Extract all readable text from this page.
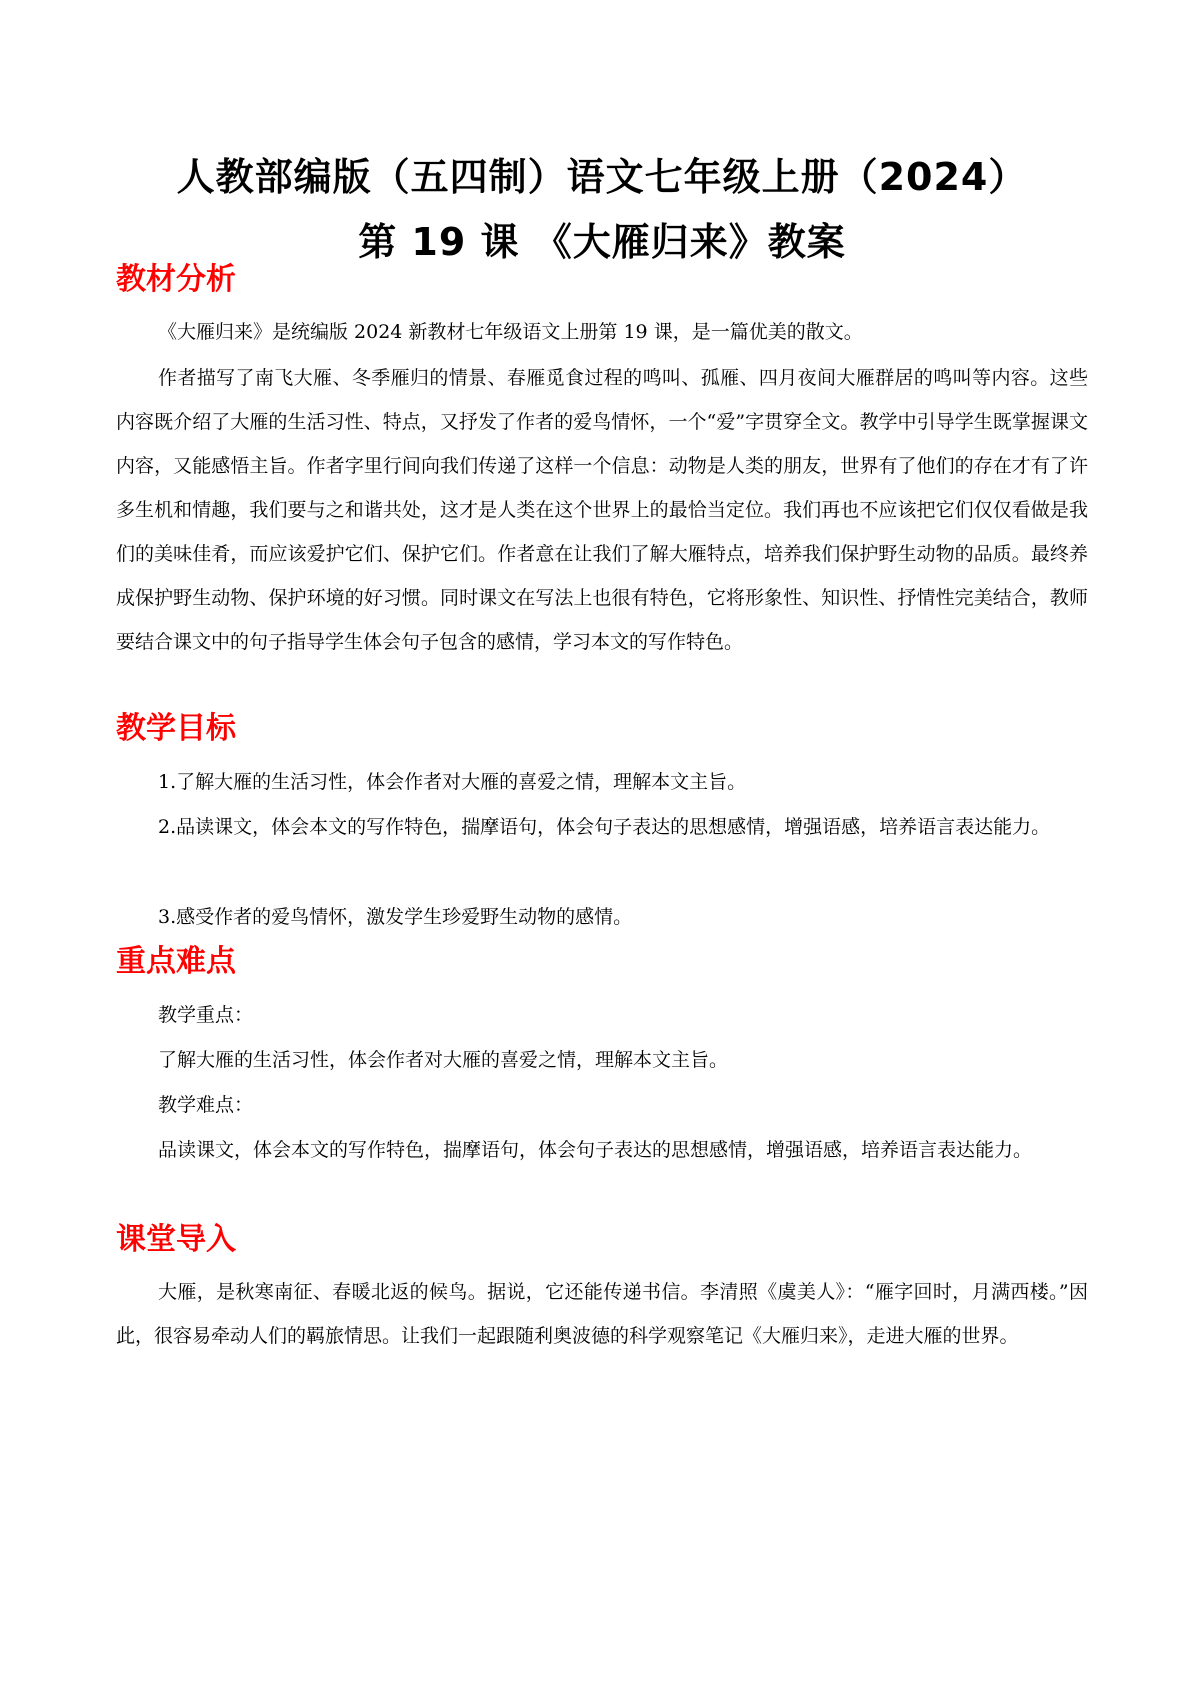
人教部编版（五四制）语文七年级上册（2024）
第 19 课 《大雁归来》教案
教材分析

《大雁归来》是统编版 2024 新教材七年级语文上册第 19 课，是一篇优美的散文。

作者描写了南飞大雁、冬季雁归的情景、春雁觅食过程的鸣叫、孤雁、四月夜间大雁群居的鸣叫等内容。这些内容既介绍了大雁的生活习性、特点，又抒发了作者的爱鸟情怀，一个“爱”字贯穿全文。教学中引导学生既掌握课文内容，又能感悟主旨。作者字里行间向我们传递了这样一个信息：动物是人类的朋友，世界有了他们的存在才有了许多生机和情趣，我们要与之和谐共处，这才是人类在这个世界上的最恰当定位。我们再也不应该把它们仅仅看做是我们的美味佳肴，而应该爱护它们、保护它们。作者意在让我们了解大雁特点，培养我们保护野生动物的品质。最终养成保护野生动物、保护环境的好习惯。同时课文在写法上也很有特色，它将形象性、知识性、抒情性完美结合，教师要结合课文中的句子指导学生体会句子包含的感情，学习本文的写作特色。

教学目标

1.了解大雁的生活习性，体会作者对大雁的喜爱之情，理解本文主旨。

2.品读课文，体会本文的写作特色，揣摩语句，体会句子表达的思想感情，增强语感，培养语言表达能力。

3.感受作者的爱鸟情怀，激发学生珍爱野生动物的感情。

重点难点

教学重点：

了解大雁的生活习性，体会作者对大雁的喜爱之情，理解本文主旨。

教学难点：

品读课文，体会本文的写作特色，揣摩语句，体会句子表达的思想感情，增强语感，培养语言表达能力。

课堂导入

大雁，是秋寒南征、春暖北返的候鸟。据说，它还能传递书信。李清照《虞美人》：“雁字回时，月满西楼。”因此，很容易牵动人们的羁旅情思。让我们一起跟随利奥波德的科学观察笔记《大雁归来》，走进大雁的世界。
